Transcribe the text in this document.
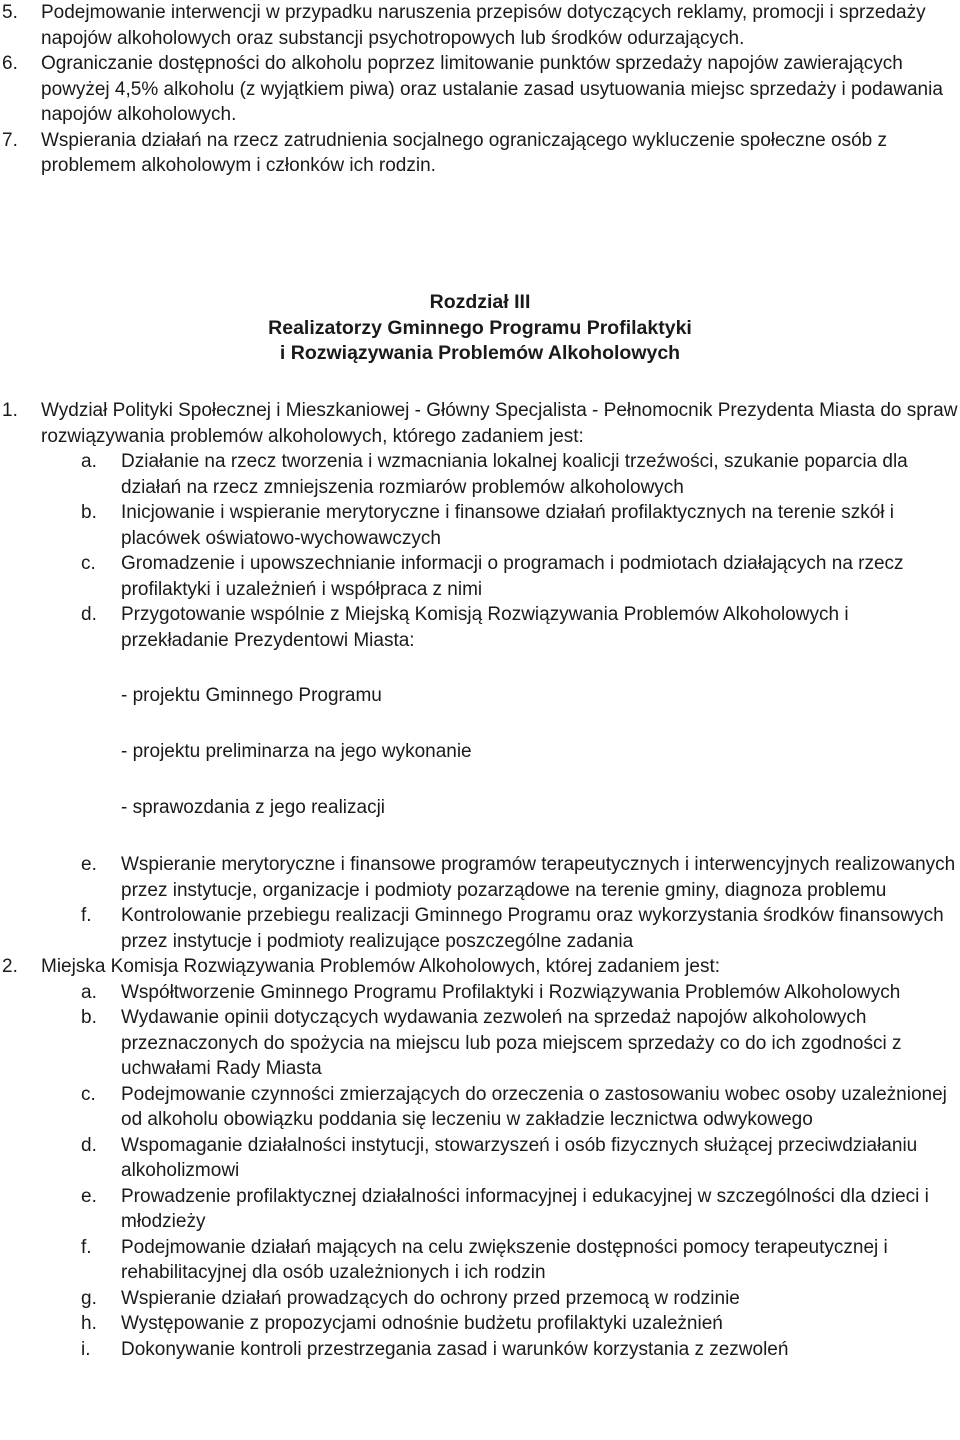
5. Podejmowanie interwencji w przypadku naruszenia przepisów dotyczących reklamy, promocji i sprzedaży napojów alkoholowych oraz substancji psychotropowych lub środków odurzających.
6. Ograniczanie dostępności do alkoholu poprzez limitowanie punktów sprzedaży napojów zawierających powyżej 4,5% alkoholu (z wyjątkiem piwa) oraz ustalanie zasad usytuowania miejsc sprzedaży i podawania napojów alkoholowych.
7. Wspierania działań na rzecz zatrudnienia socjalnego ograniczającego wykluczenie społeczne osób z problemem alkoholowym i członków ich rodzin.
Rozdział III
Realizatorzy Gminnego Programu Profilaktyki
i Rozwiązywania Problemów Alkoholowych
1. Wydział Polityki Społecznej i Mieszkaniowej - Główny Specjalista - Pełnomocnik Prezydenta Miasta do spraw rozwiązywania problemów alkoholowych, którego zadaniem jest:
a. Działanie na rzecz tworzenia i wzmacniania lokalnej koalicji trzeźwości, szukanie poparcia dla działań na rzecz zmniejszenia rozmiarów problemów alkoholowych
b. Inicjowanie i wspieranie merytoryczne i finansowe działań profilaktycznych na terenie szkół i placówek oświatowo-wychowawczych
c. Gromadzenie i upowszechnianie informacji o programach i podmiotach działających na rzecz profilaktyki i uzależnień i współpraca z nimi
d. Przygotowanie wspólnie z Miejską Komisją Rozwiązywania Problemów Alkoholowych i przekładanie Prezydentowi Miasta:
- projektu Gminnego Programu
- projektu preliminarza na jego wykonanie
- sprawozdania z jego realizacji
e. Wspieranie merytoryczne i finansowe programów terapeutycznych i interwencyjnych realizowanych przez instytucje, organizacje i podmioty pozarządowe na terenie gminy, diagnoza problemu
f. Kontrolowanie przebiegu realizacji Gminnego Programu oraz wykorzystania środków finansowych przez instytucje i podmioty realizujące poszczególne zadania
2. Miejska Komisja Rozwiązywania Problemów Alkoholowych, której zadaniem jest:
a. Współtworzenie Gminnego Programu Profilaktyki i Rozwiązywania Problemów Alkoholowych
b. Wydawanie opinii dotyczących wydawania zezwoleń na sprzedaż napojów alkoholowych przeznaczonych do spożycia na miejscu lub poza miejscem sprzedaży co do ich zgodności z uchwałami Rady Miasta
c. Podejmowanie czynności zmierzających do orzeczenia o zastosowaniu wobec osoby uzależnionej od alkoholu obowiązku poddania się leczeniu w zakładzie lecznictwa odwykowego
d. Wspomaganie działalności instytucji, stowarzyszeń i osób fizycznych służącej przeciwdziałaniu alkoholizmowi
e. Prowadzenie profilaktycznej działalności informacyjnej i edukacyjnej w szczególności dla dzieci i młodzieży
f. Podejmowanie działań mających na celu zwiększenie dostępności pomocy terapeutycznej i rehabilitacyjnej dla osób uzależnionych i ich rodzin
g. Wspieranie działań prowadzących do ochrony przed przemocą w rodzinie
h. Występowanie z propozycjami odnośnie budżetu profilaktyki uzależnień
i. Dokonywanie kontroli przestrzegania zasad i warunków korzystania z zezwoleń
